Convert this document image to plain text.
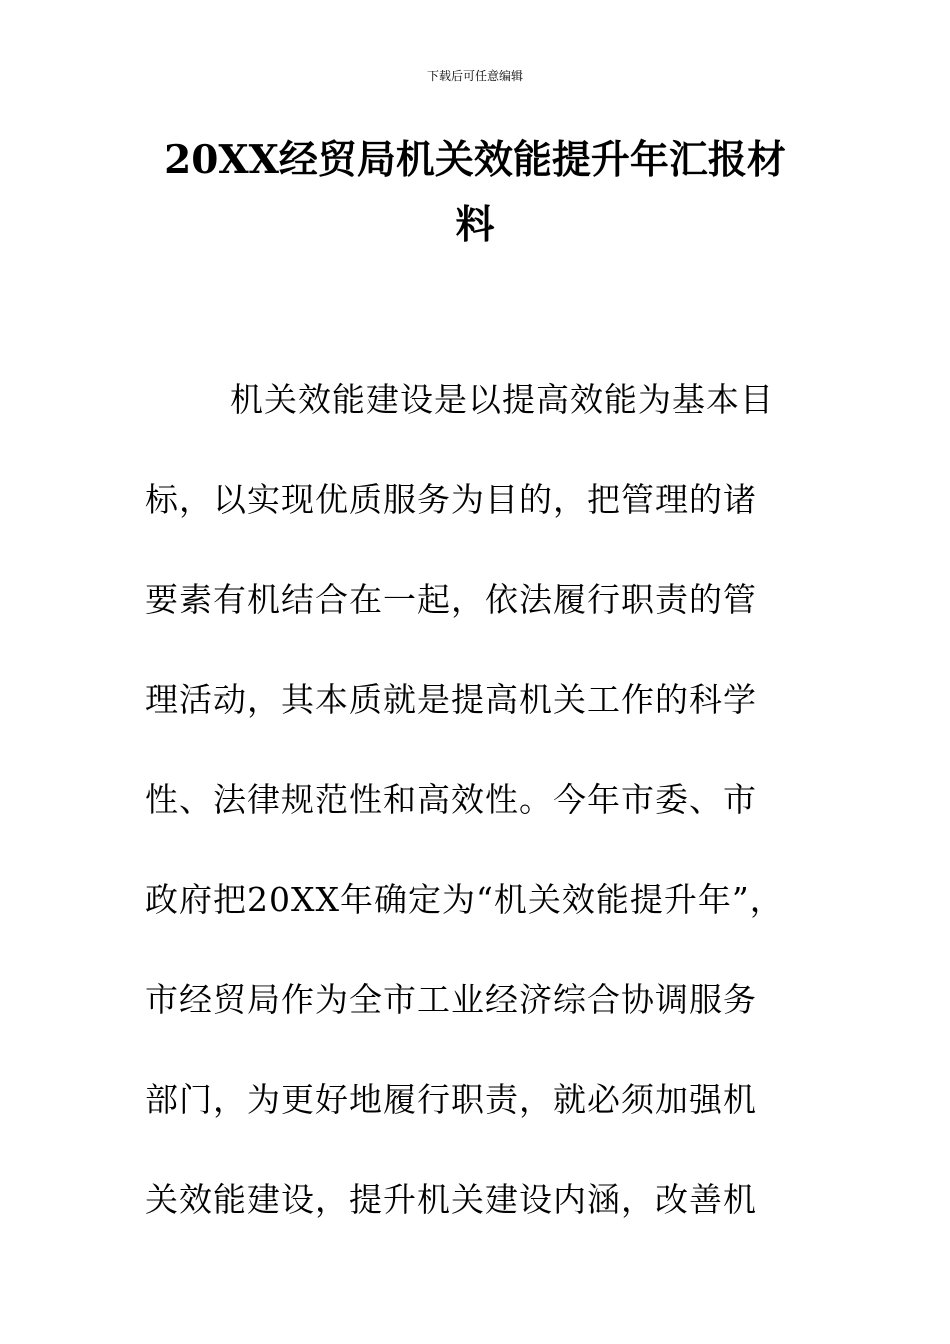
下载后可任意编辑
20XX经贸局机关效能提升年汇报材
料

机关效能建设是以提高效能为基本目

标，以实现优质服务为目的，把管理的诸

要素有机结合在一起，依法履行职责的管

理活动，其本质就是提高机关工作的科学

性、法律规范性和高效性。今年市委、市

政府把20XX年确定为“机关效能提升年”，

市经贸局作为全市工业经济综合协调服务

部门，为更好地履行职责，就必须加强机

关效能建设，提升机关建设内涵，改善机
